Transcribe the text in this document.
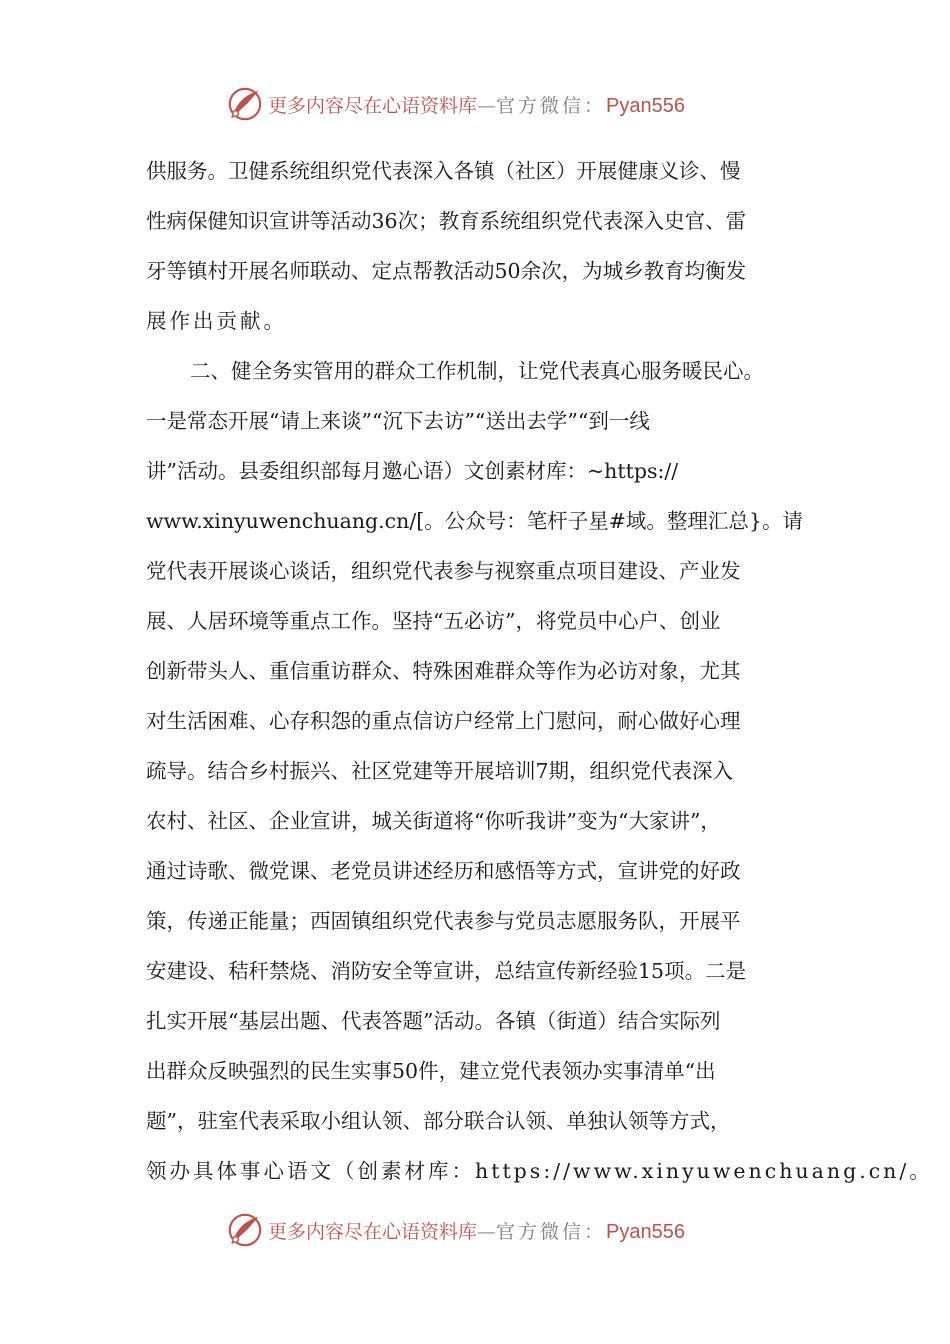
更多内容尽在心语资料库—官方微信：Pyan556
供服务。卫健系统组织党代表深入各镇（社区）开展健康义诊、慢
性病保健知识宣讲等活动36次；教育系统组织党代表深入史官、雷
牙等镇村开展名师联动、定点帮教活动50余次，为城乡教育均衡发
展作出贡献。
二、健全务实管用的群众工作机制，让党代表真心服务暖民心。
一是常态开展“请上来谈”“沉下去访”“送出去学”“到一线
讲”活动。县委组织部每月邀心语）文创素材库：~https://
www.xinyuwenchuang.cn/[。公众号：笔杆子星#域。整理汇总}。请
党代表开展谈心谈话，组织党代表参与视察重点项目建设、产业发
展、人居环境等重点工作。坚持“五必访”，将党员中心户、创业
创新带头人、重信重访群众、特殊困难群众等作为必访对象，尤其
对生活困难、心存积怨的重点信访户经常上门慰问，耐心做好心理
疏导。结合乡村振兴、社区党建等开展培训7期，组织党代表深入
农村、社区、企业宣讲，城关街道将“你听我讲”变为“大家讲”，
通过诗歌、微党课、老党员讲述经历和感悟等方式，宣讲党的好政
策，传递正能量；西固镇组织党代表参与党员志愿服务队，开展平
安建设、秸秆禁烧、消防安全等宣讲，总结宣传新经验15项。二是
扎实开展“基层出题、代表答题”活动。各镇（街道）结合实际列
出群众反映强烈的民生实事50件，建立党代表领办实事清单“出
题”，驻室代表采取小组认领、部分联合认领、单独认领等方式，
领办具体事心语文（创素材库：https://www.xinyuwenchuang.cn/。
更多内容尽在心语资料库—官方微信：Pyan556
